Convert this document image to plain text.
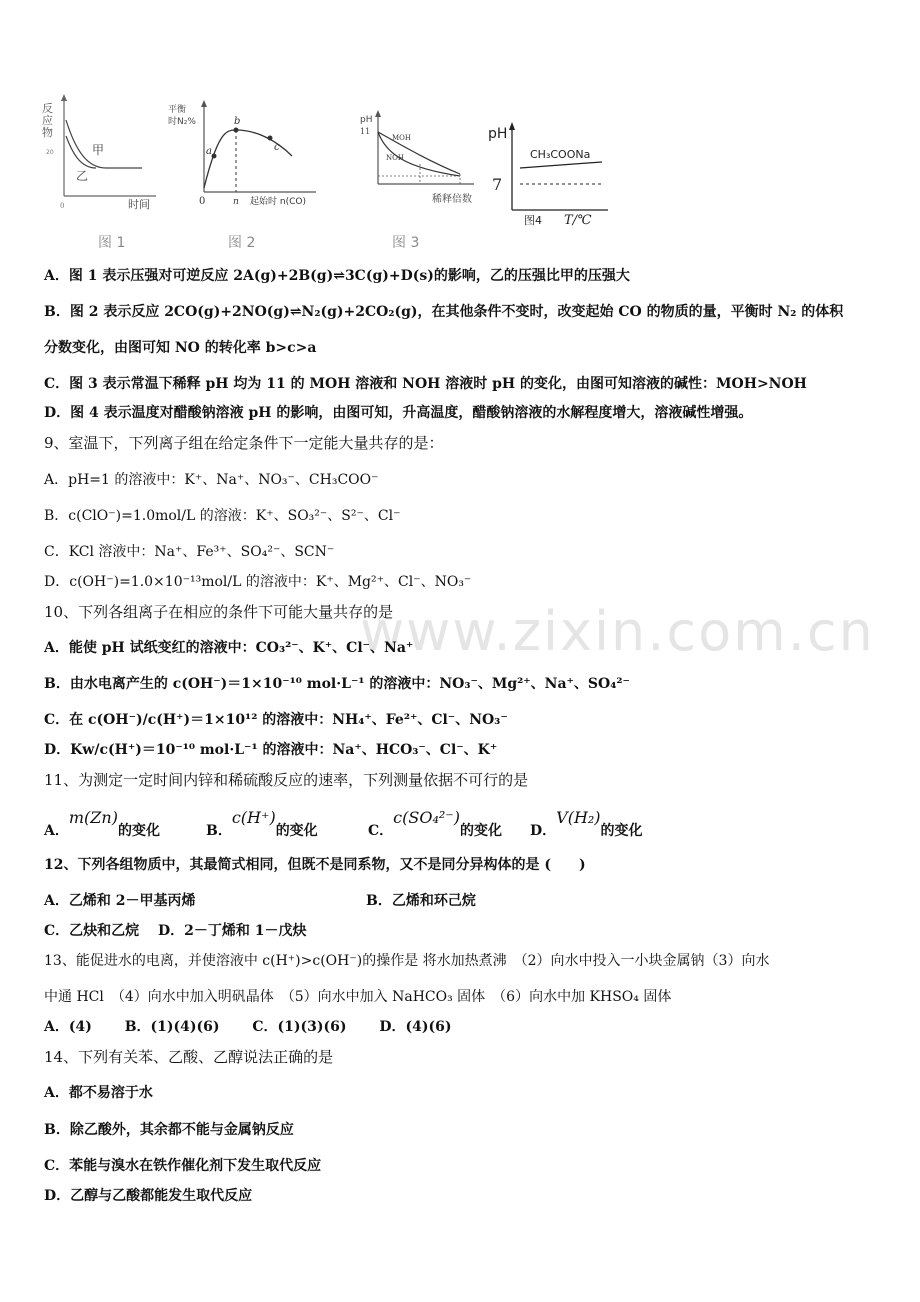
www.zixin.com.cn
反
应
物
20	甲
乙
0	时间
平衡
时N₂%
a
b
c
0	n 起始时 n(CO)
pH
11
MOH
NOH
稀释倍数
pH
CH₃COONa
7
图4 T/℃
图 1	图 2	图 3
A．图 1 表示压强对可逆反应 2A(g)+2B(g)⇌3C(g)+D(s)的影响，乙的压强比甲的压强大
B．图 2 表示反应 2CO(g)+2NO(g)⇌N₂(g)+2CO₂(g)，在其他条件不变时，改变起始 CO 的物质的量，平衡时 N₂ 的体积
分数变化，由图可知 NO 的转化率 b>c>a
C．图 3 表示常温下稀释 pH 均为 11 的 MOH 溶液和 NOH 溶液时 pH 的变化，由图可知溶液的碱性：MOH>NOH
D．图 4 表示温度对醋酸钠溶液 pH 的影响，由图可知，升高温度，醋酸钠溶液的水解程度增大，溶液碱性增强。
9、室温下，下列离子组在给定条件下一定能大量共存的是：
A．pH=1 的溶液中：K⁺、Na⁺、NO₃⁻、CH₃COO⁻
B．c(ClO⁻)=1.0mol/L 的溶液：K⁺、SO₃²⁻、S²⁻、Cl⁻
C．KCl 溶液中：Na⁺、Fe³⁺、SO₄²⁻、SCN⁻
D．c(OH⁻)=1.0×10⁻¹³mol/L 的溶液中：K⁺、Mg²⁺、Cl⁻、NO₃⁻
10、下列各组离子在相应的条件下可能大量共存的是
A．能使 pH 试纸变红的溶液中：CO₃²⁻、K⁺、Cl⁻、Na⁺
B．由水电离产生的 c(OH⁻)＝1×10⁻¹⁰ mol·L⁻¹ 的溶液中：NO₃⁻、Mg²⁺、Na⁺、SO₄²⁻
C．在 c(OH⁻)/c(H⁺)＝1×10¹² 的溶液中：NH₄⁺、Fe²⁺、Cl⁻、NO₃⁻
D．Kw/c(H⁺)＝10⁻¹⁰ mol·L⁻¹ 的溶液中：Na⁺、HCO₃⁻、Cl⁻、K⁺
11、为测定一定时间内锌和稀硫酸反应的速率，下列测量依据不可行的是
A．m(Zn)的变化	B．c(H⁺)的变化	C．c(SO₄²⁻)的变化 D．V(H₂)的变化
12、下列各组物质中，其最简式相同，但既不是同系物，又不是同分异构体的是 (　　)
A．乙烯和 2－甲基丙烯	B．乙烯和环己烷
C．乙炔和乙烷　 D．2－丁烯和 1－戊炔
13、能促进水的电离，并使溶液中 c(H⁺)>c(OH⁻)的操作是 将水加热煮沸　（2）向水中投入一小块金属钠（3）向水
中通 HCl　（4）向水中加入明矾晶体　（5）向水中加入 NaHCO₃ 固体　（6）向水中加 KHSO₄ 固体
A．(4)　　 B．(1)(4)(6)　　 C．(1)(3)(6)　　 D．(4)(6)
14、下列有关苯、乙酸、乙醇说法正确的是
A．都不易溶于水
B．除乙酸外，其余都不能与金属钠反应
C．苯能与溴水在铁作催化剂下发生取代反应
D．乙醇与乙酸都能发生取代反应
